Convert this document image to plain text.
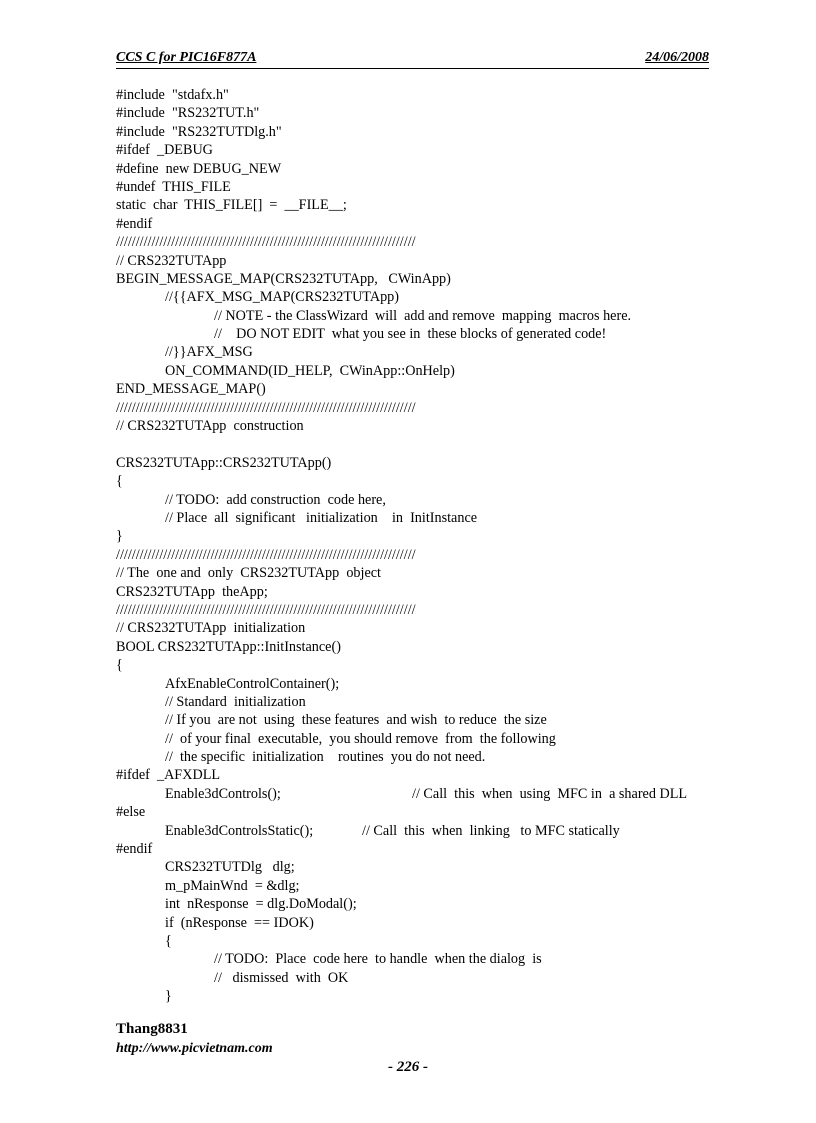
CCS C for PIC16F877A	24/06/2008
#include  "stdafx.h"
#include  "RS232TUT.h"
#include  "RS232TUTDlg.h"
#ifdef  _DEBUG
#define  new DEBUG_NEW
#undef  THIS_FILE
static  char  THIS_FILE[]  =  __FILE__;
#endif
////////////////////////////////////////////////////////////////////////////
// CRS232TUTApp
BEGIN_MESSAGE_MAP(CRS232TUTApp,   CWinApp)
//{{AFX_MSG_MAP(CRS232TUTApp)
// NOTE - the ClassWizard  will  add and remove  mapping  macros here.
//    DO NOT EDIT  what you see in  these blocks of generated code!
//}}AFX_MSG
ON_COMMAND(ID_HELP,  CWinApp::OnHelp)
END_MESSAGE_MAP()
////////////////////////////////////////////////////////////////////////////
// CRS232TUTApp  construction
CRS232TUTApp::CRS232TUTApp()
{
// TODO:  add construction  code here,
// Place  all  significant   initialization    in  InitInstance
}
////////////////////////////////////////////////////////////////////////////
// The  one and  only  CRS232TUTApp  object
CRS232TUTApp  theApp;
////////////////////////////////////////////////////////////////////////////
// CRS232TUTApp  initialization
BOOL CRS232TUTApp::InitInstance()
{
AfxEnableControlContainer();
// Standard  initialization
// If you  are not  using  these features  and wish  to reduce  the size
//  of your final  executable,  you should remove  from  the following
//  the specific  initialization    routines  you do not need.
#ifdef  _AFXDLL
Enable3dControls();	// Call  this  when  using  MFC in  a shared DLL
#else
Enable3dControlsStatic();	// Call  this  when  linking   to MFC statically
#endif
CRS232TUTDlg   dlg;
m_pMainWnd  = &dlg;
int  nResponse  = dlg.DoModal();
if  (nResponse  == IDOK)
{
// TODO:  Place  code here  to handle  when the dialog  is
//   dismissed  with  OK
}
Thang8831
http://www.picvietnam.com
- 226 -
